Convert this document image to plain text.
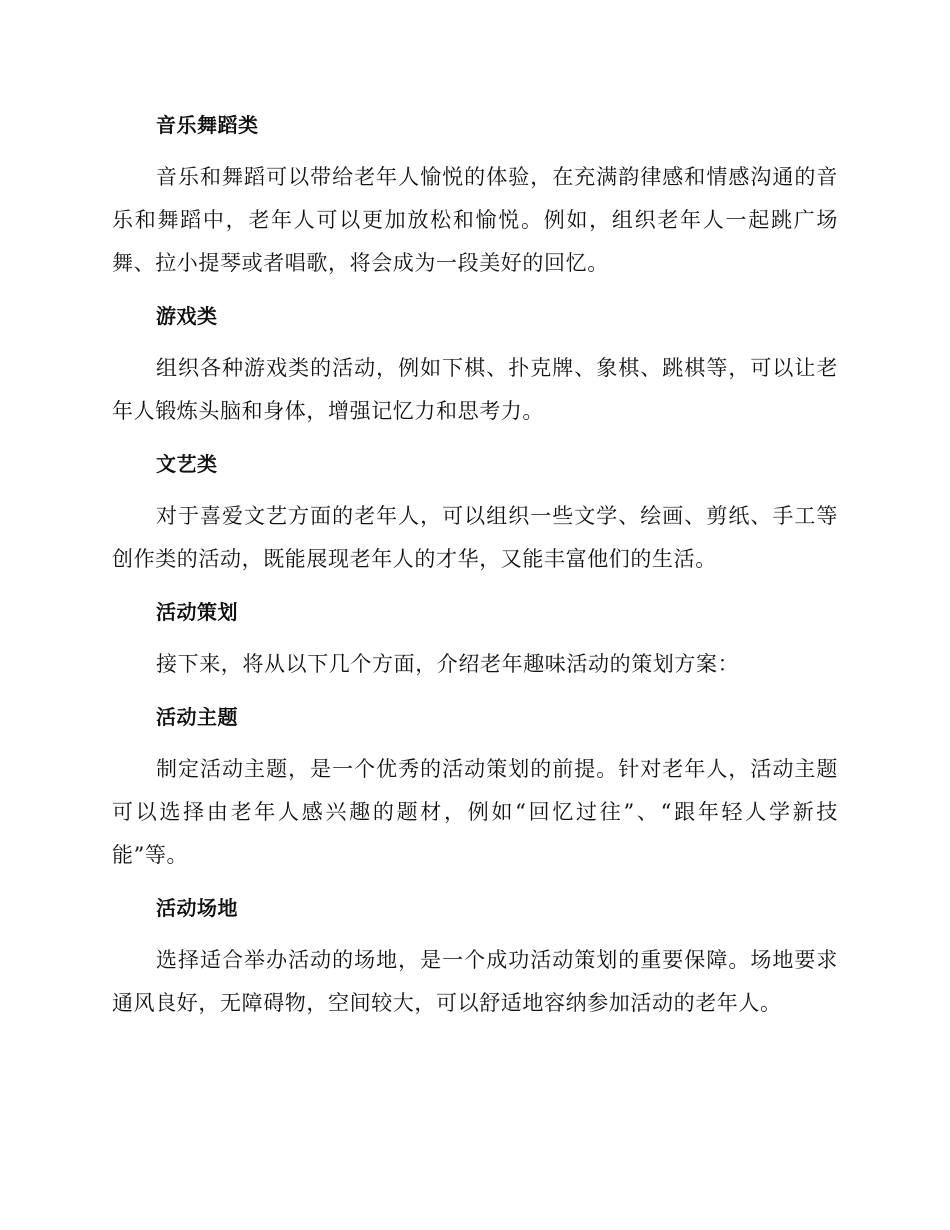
音乐舞蹈类

音乐和舞蹈可以带给老年人愉悦的体验，在充满韵律感和情感沟通的音乐和舞蹈中，老年人可以更加放松和愉悦。例如，组织老年人一起跳广场舞、拉小提琴或者唱歌，将会成为一段美好的回忆。

游戏类

组织各种游戏类的活动，例如下棋、扑克牌、象棋、跳棋等，可以让老年人锻炼头脑和身体，增强记忆力和思考力。

文艺类

对于喜爱文艺方面的老年人，可以组织一些文学、绘画、剪纸、手工等创作类的活动，既能展现老年人的才华，又能丰富他们的生活。

活动策划

接下来，将从以下几个方面，介绍老年趣味活动的策划方案：

活动主题

制定活动主题，是一个优秀的活动策划的前提。针对老年人，活动主题可以选择由老年人感兴趣的题材，例如“回忆过往”、“跟年轻人学新技能”等。

活动场地

选择适合举办活动的场地，是一个成功活动策划的重要保障。场地要求通风良好，无障碍物，空间较大，可以舒适地容纳参加活动的老年人。
